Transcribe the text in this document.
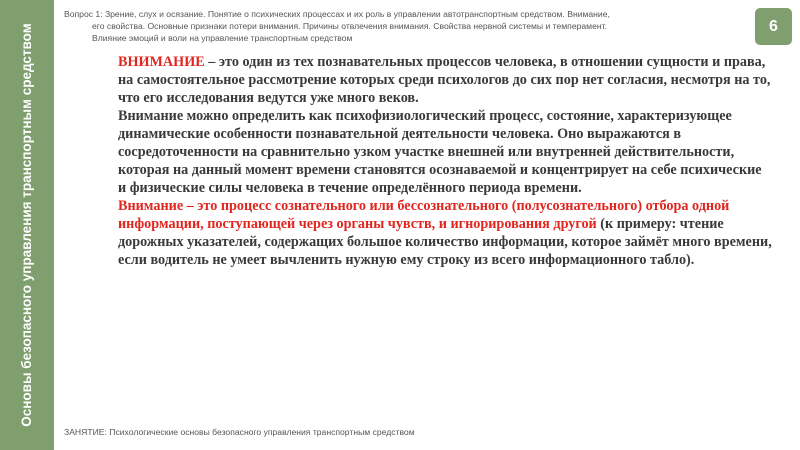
Основы безопасного управления транспортным средством
Вопрос 1: Зрение, слух и осязание. Понятие о психических процессах и их роль в управлении автотранспортным средством. Внимание,
его свойства. Основные признаки потери внимания. Причины отвлечения внимания. Свойства нервной системы и темперамент.
Влияние эмоций и воли на управление транспортным средством
6

ВНИМАНИЕ – это один из тех познавательных процессов человека, в отношении сущности и права, на самостоятельное рассмотрение которых среди психологов до сих пор нет согласия, несмотря на то, что его исследования ведутся уже много веков.

Внимание можно определить как психофизиологический процесс, состояние, характеризующее динамические особенности познавательной деятельности человека. Оно выражаются в сосредоточенности на сравнительно узком участке внешней или внутренней действительности, которая на данный момент времени становятся осознаваемой и концентрирует на себе психические и физические силы человека в течение определённого периода времени.

Внимание – это процесс сознательного или бессознательного (полусознательного) отбора одной информации, поступающей через органы чувств, и игнорирования другой (к примеру: чтение дорожных указателей, содержащих большое количество информации, которое займёт много времени, если водитель не умеет вычленить нужную ему строку из всего информационного табло).

ЗАНЯТИЕ: Психологические основы безопасного управления транспортным средством
